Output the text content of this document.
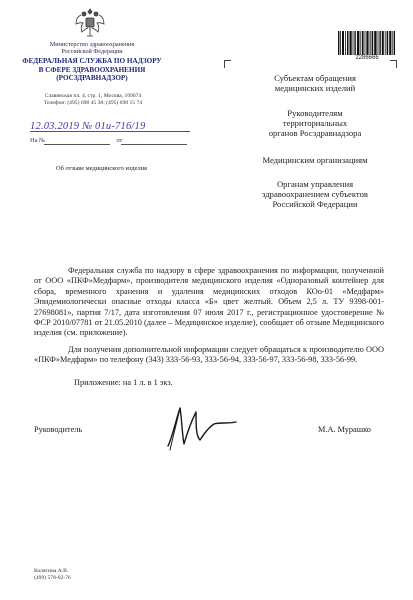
Министерство здравоохранения
Российской Федерации
ФЕДЕРАЛЬНАЯ СЛУЖБА ПО НАДЗОРУ
В СФЕРЕ ЗДРАВООХРАНЕНИЯ
(РОСЗДРАВНАДЗОР)
Славянская пл. 4, стр. 1, Москва, 109074
Телефон: (495) 698 45 38; (495) 698 15 74
12.03.2019 № 01и-716/19
На №	от
Об отзыве медицинского изделия
2286666
Субъектам обращения
медицинских изделий
Руководителям
территориальных
органов Росздравнадзора
Медицинским организациям
Органам управления
здравоохранением субъектов
Российской Федерации

Федеральная служба по надзору в сфере здравоохранения по информации, полученной от ООО «ПКФ»Медфарм», производителя медицинского изделия «Одноразовый контейнер для сбора, временного хранения и удаления медицинских отходов КОо-01 «Медфарм» Эпидемиологически опасные отходы класса «Б» цвет желтый. Объем 2,5 л. ТУ 9398-001-27698081», партия 7/17, дата изготовления 07 июля 2017 г., регистрационное удостоверение № ФСР 2010/07781 от 21.05.2010 (далее – Медицинское изделие), сообщает об отзыве Медицинского изделия (см. приложение).

Для получения дополнительной информации следует обращаться к производителю ООО «ПКФ»Медфарм» по телефону (343) 333-56-93, 333-56-94, 333-56-97, 333-56-98, 333-56-99.

Приложение: на 1 л. в 1 экз.
Руководитель	М.А. Мурашко
Колягина А.В.
(499) 578-02-76
